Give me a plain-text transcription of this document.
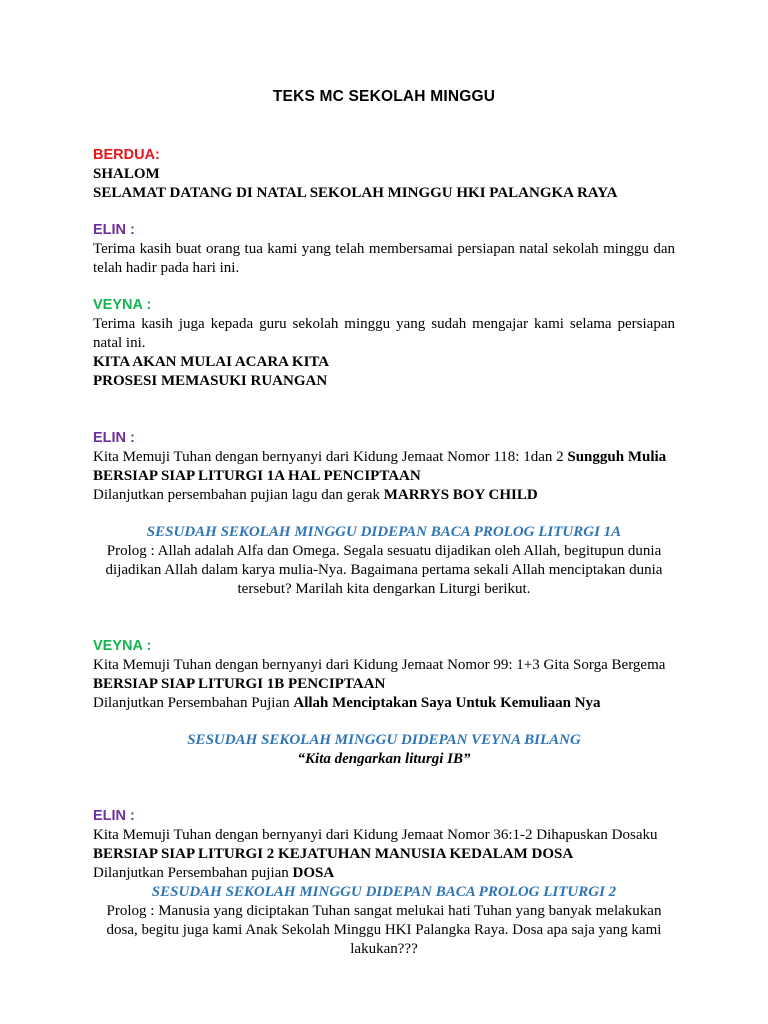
TEKS MC SEKOLAH MINGGU

BERDUA:

SHALOM

SELAMAT DATANG DI NATAL SEKOLAH MINGGU HKI PALANGKA RAYA

ELIN :

Terima kasih buat orang tua kami yang telah membersamai persiapan natal sekolah minggu dan telah hadir pada hari ini.

VEYNA :

Terima kasih juga kepada guru sekolah minggu yang sudah mengajar kami selama persiapan natal ini.

KITA AKAN MULAI ACARA KITA

PROSESI MEMASUKI RUANGAN

ELIN :

Kita Memuji Tuhan dengan bernyanyi dari Kidung Jemaat Nomor 118: 1dan 2 Sungguh Mulia

BERSIAP SIAP LITURGI 1A HAL PENCIPTAAN

Dilanjutkan persembahan pujian lagu dan gerak MARRYS BOY CHILD

SESUDAH SEKOLAH MINGGU DIDEPAN BACA PROLOG LITURGI 1A

Prolog : Allah adalah Alfa dan Omega. Segala sesuatu dijadikan oleh Allah, begitupun dunia dijadikan Allah dalam karya mulia-Nya. Bagaimana pertama sekali Allah menciptakan dunia tersebut? Marilah kita dengarkan Liturgi berikut.

VEYNA :

Kita Memuji Tuhan dengan bernyanyi dari Kidung Jemaat Nomor 99: 1+3 Gita Sorga Bergema

BERSIAP SIAP LITURGI 1B PENCIPTAAN

Dilanjutkan Persembahan Pujian Allah Menciptakan Saya Untuk Kemuliaan Nya

SESUDAH SEKOLAH MINGGU DIDEPAN VEYNA BILANG

“Kita dengarkan liturgi IB”

ELIN :

Kita Memuji Tuhan dengan bernyanyi dari Kidung Jemaat Nomor 36:1-2 Dihapuskan Dosaku

BERSIAP SIAP LITURGI 2 KEJATUHAN MANUSIA KEDALAM DOSA

Dilanjutkan Persembahan pujian DOSA

SESUDAH SEKOLAH MINGGU DIDEPAN BACA PROLOG LITURGI 2

Prolog : Manusia yang diciptakan Tuhan sangat melukai hati Tuhan yang banyak melakukan dosa, begitu juga kami Anak Sekolah Minggu HKI Palangka Raya. Dosa apa saja yang kami lakukan???
